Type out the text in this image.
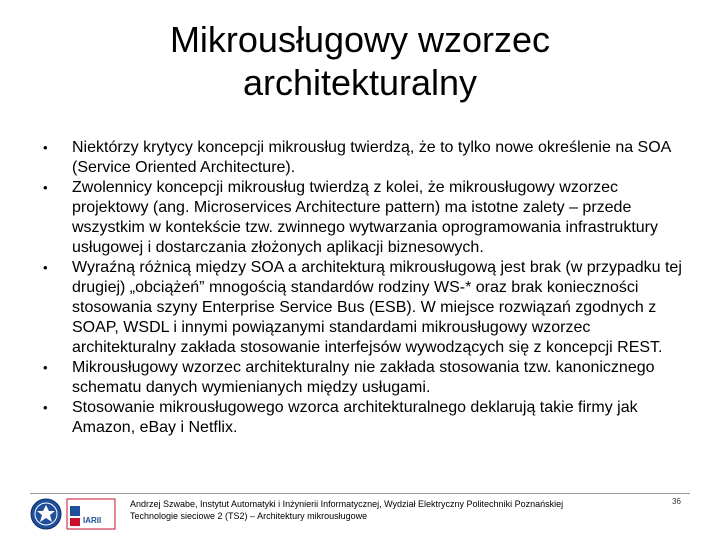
Mikrousługowy wzorzec
architekturalny
• Niektórzy krytycy koncepcji mikrousług twierdzą, że to tylko nowe określenie na SOA (Service Oriented Architecture).
• Zwolennicy koncepcji mikrousług twierdzą z kolei, że mikrousługowy wzorzec projektowy (ang. Microservices Architecture pattern) ma istotne zalety – przede wszystkim w kontekście tzw. zwinnego wytwarzania oprogramowania infrastruktury usługowej i dostarczania złożonych aplikacji biznesowych.
• Wyraźną różnicą między SOA a architekturą mikrousługową jest brak (w przypadku tej drugiej) „obciążeń” mnogością standardów rodziny WS-* oraz brak konieczności stosowania szyny Enterprise Service Bus (ESB). W miejsce rozwiązań zgodnych z SOAP, WSDL i innymi powiązanymi standardami mikrousługowy wzorzec architekturalny zakłada stosowanie interfejsów wywodzących się z koncepcji REST.
• Mikrousługowy wzorzec architekturalny nie zakłada stosowania tzw. kanonicznego schematu danych wymienianych między usługami.
• Stosowanie mikrousługowego wzorca architekturalnego deklarują takie firmy jak Amazon, eBay i Netflix.
IARII
Andrzej Szwabe, Instytut Automatyki i Inżynierii Informatycznej, Wydział Elektryczny Politechniki Poznańskiej
Technologie sieciowe 2 (TS2) – Architektury mikrousługowe
36
